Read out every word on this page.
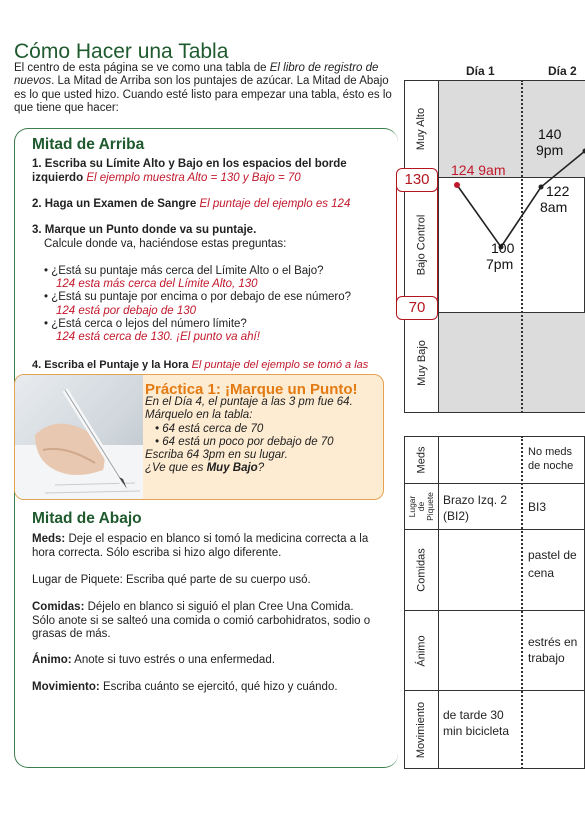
Cómo Hacer una Tabla
El centro de esta página se ve como una tabla de El libro de registro de nuevos. La Mitad de Arriba son los puntajes de azúcar. La Mitad de Abajo es lo que usted hizo. Cuando esté listo para empezar una tabla, ésto es lo que tiene que hacer:
Mitad de Arriba
1. Escriba su Límite Alto y Bajo en los espacios del borde izquierdo El ejemplo muestra Alto = 130 y Bajo = 70
2. Haga un Examen de Sangre El puntaje del ejemplo es 124
3. Marque un Punto donde va su puntaje.
Calcule donde va, haciéndose estas preguntas:
• ¿Está su puntaje más cerca del Límite Alto o el Bajo?
124 esta más cerca del Límite Alto, 130
• ¿Está su puntaje por encima o por debajo de ese número?
124 está por debajo de 130
• ¿Está cerca o lejos del número límite?
124 está cerca de 130. ¡El punto va ahí!
4. Escriba el Puntaje y la Hora El puntaje del ejemplo se tomó a las
Práctica 1: ¡Marque un Punto!
En el Día 4, el puntaje a las 3 pm fue 64.
Márquelo en la tabla:
• 64 está cerca de 70
• 64 está un poco por debajo de 70
Escriba 64 3pm en su lugar.
¿Ve que es Muy Bajo?
Mitad de Abajo
Meds: Deje el espacio en blanco si tomó la medicina correcta a la hora correcta. Sólo escriba si hizo algo diferente.
Lugar de Piquete: Escriba qué parte de su cuerpo usó.
Comidas: Déjelo en blanco si siguió el plan Cree Una Comida. Sólo anote si se salteó una comida o comió carbohidratos, sodio o grasas de más.
Ánimo: Anote si tuvo estrés o una enfermedad.
Movimiento: Escriba cuánto se ejercitó, qué hizo y cuándo.
Día 1	Día 2
Muy Alto
Bajo Control
Muy Bajo
130
70
124 9am
100
7pm
122
8am
140
9pm
Meds
Lugar de Piquete
Comidas
Ánimo
Movimiento
No meds de noche
Brazo Izq. 2 (BI2)
BI3
pastel de cena
estrés en trabajo
de tarde 30 min bicicleta
